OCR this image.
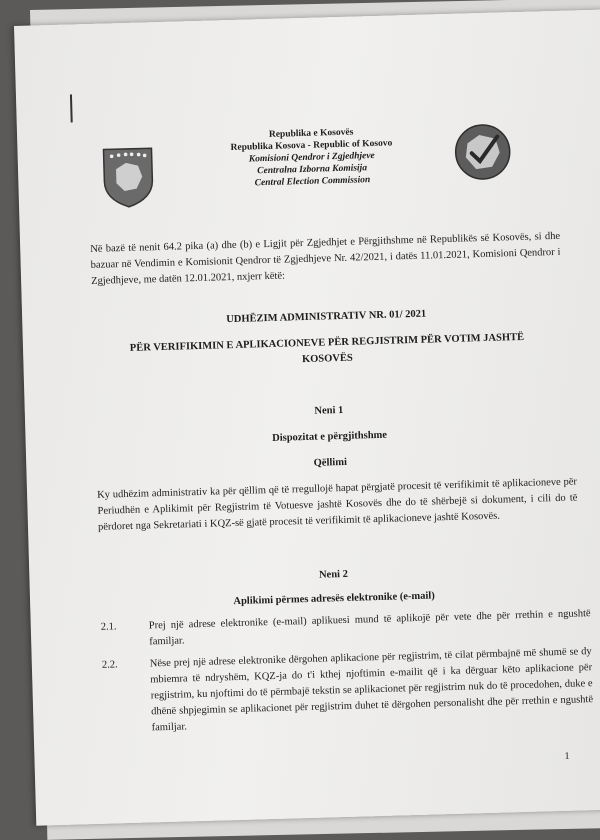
Republika e Kosovës
Republika Kosova - Republic of Kosovo
Komisioni Qendror i Zgjedhjeve
Centralna Izborna Komisija
Central Election Commission
Në bazë të nenit 64.2 pika (a) dhe (b) e Ligjit për Zgjedhjet e Përgjithshme në Republikës së Kosovës, si dhe bazuar në Vendimin e Komisionit Qendror të Zgjedhjeve Nr. 42/2021, i datës 11.01.2021, Komisioni Qendror i Zgjedhjeve, me datën 12.01.2021, nxjerr këtë:
UDHËZIM ADMINISTRATIV NR. 01/ 2021
PËR VERIFIKIMIN E APLIKACIONEVE PËR REGJISTRIM PËR VOTIM JASHTË KOSOVËS
Neni 1
Dispozitat e përgjithshme
Qëllimi
Ky udhëzim administrativ ka për qëllim që të rregullojë hapat përgjatë procesit të verifikimit të aplikacioneve për Periudhën e Aplikimit për Regjistrim të Votuesve jashtë Kosovës dhe do të shërbejë si dokument, i cili do të përdoret nga Sekretariati i KQZ-së gjatë procesit të verifikimit të aplikacioneve jashtë Kosovës.
Neni 2
Aplikimi përmes adresës elektronike (e-mail)
2.1.	Prej një adrese elektronike (e-mail) aplikuesi mund të aplikojë për vete dhe për rrethin e ngushtë familjar.
2.2.	Nëse prej një adrese elektronike dërgohen aplikacione për regjistrim, të cilat përmbajnë më shumë se dy mbiemra të ndryshëm, KQZ-ja do t'i kthej njoftimin e-mailit që i ka dërguar këto aplikacione për regjistrim, ku njoftimi do të përmbajë tekstin se aplikacionet për regjistrim nuk do të procedohen, duke e dhënë shpjegimin se aplikacionet për regjistrim duhet të dërgohen personalisht dhe për rrethin e ngushtë familjar.
1
